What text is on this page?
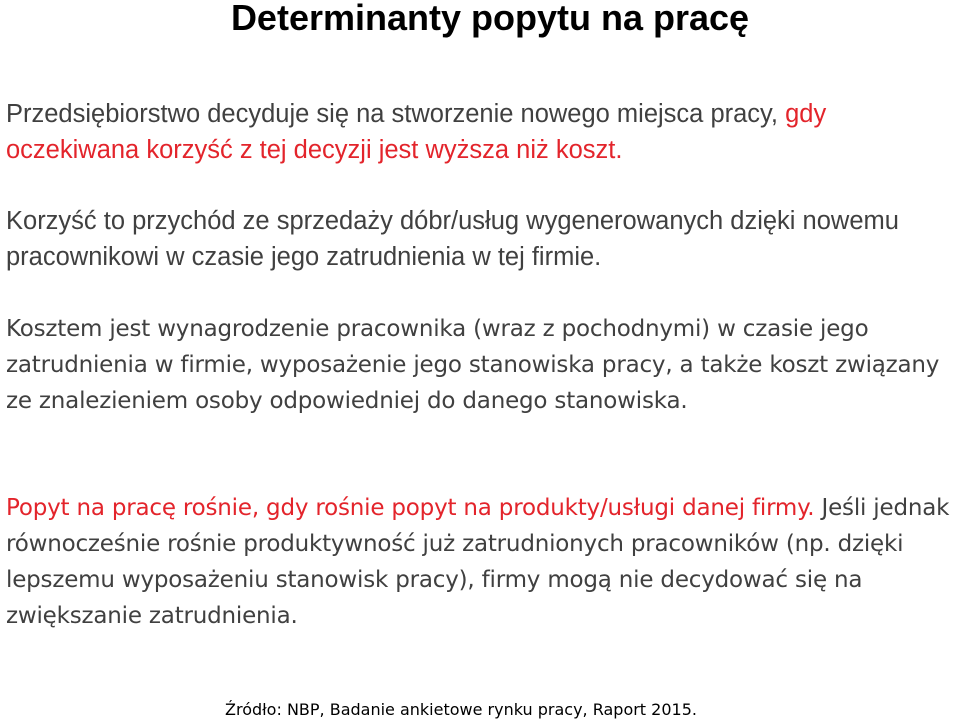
Determinanty popytu na pracę

Przedsiębiorstwo decyduje się na stworzenie nowego miejsca pracy, gdy oczekiwana korzyść z tej decyzji jest wyższa niż koszt.

Korzyść to przychód ze sprzedaży dóbr/usług wygenerowanych dzięki nowemu pracownikowi w czasie jego zatrudnienia w tej firmie.

Kosztem jest wynagrodzenie pracownika (wraz z pochodnymi) w czasie jego zatrudnienia w firmie, wyposażenie jego stanowiska pracy, a także koszt związany ze znalezieniem osoby odpowiedniej do danego stanowiska.

Popyt na pracę rośnie, gdy rośnie popyt na produkty/usługi danej firmy. Jeśli jednak równocześnie rośnie produktywność już zatrudnionych pracowników (np. dzięki lepszemu wyposażeniu stanowisk pracy), firmy mogą nie decydować się na zwiększanie zatrudnienia.

Źródło: NBP, Badanie ankietowe rynku pracy, Raport 2015.
